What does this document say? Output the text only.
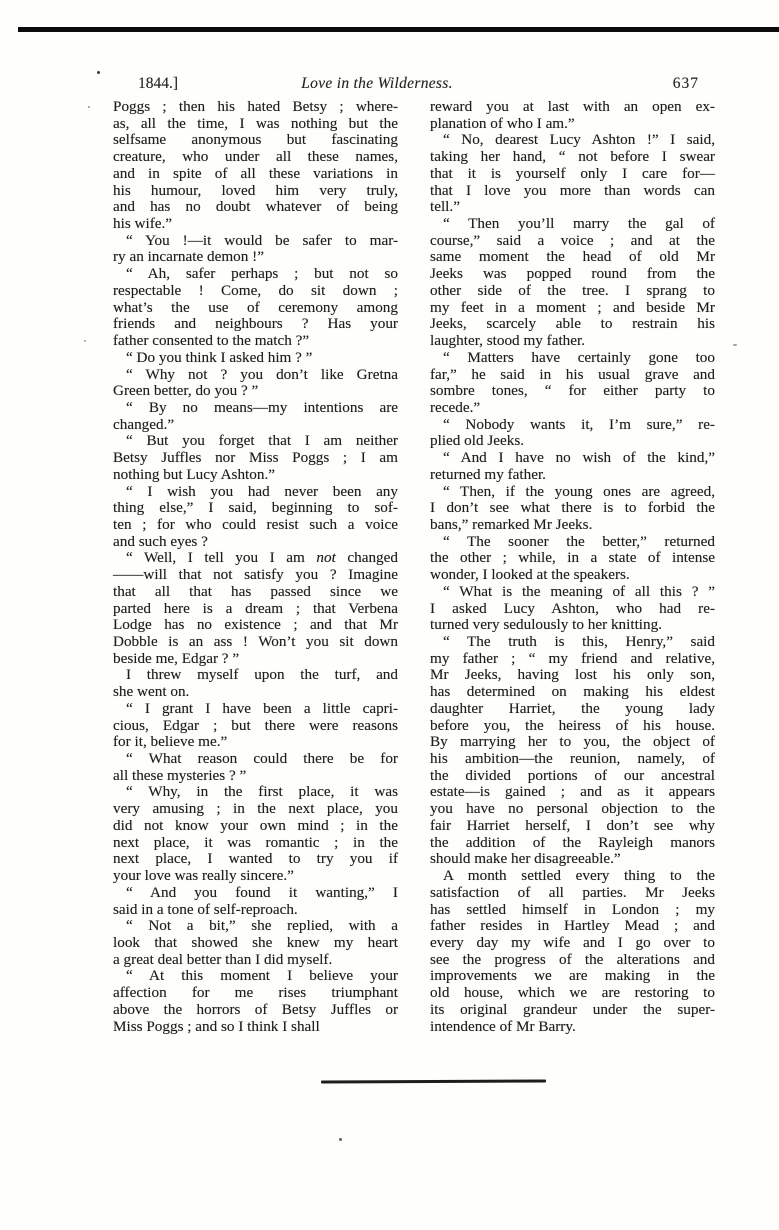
1844.]	Love in the Wilderness.	637
Poggs ; then his hated Betsy ; where-
as, all the time, I was nothing but the
selfsame anonymous but fascinating
creature, who under all these names,
and in spite of all these variations in
his humour, loved him very truly,
and has no doubt whatever of being
his wife.”
“ You !—it would be safer to mar-
ry an incarnate demon !”
“ Ah, safer perhaps ; but not so
respectable ! Come, do sit down ;
what’s the use of ceremony among
friends and neighbours ? Has your
father consented to the match ?”
“ Do you think I asked him ? ”
“ Why not ? you don’t like Gretna
Green better, do you ? ”
“ By no means—my intentions are
changed.”
“ But you forget that I am neither
Betsy Juffles nor Miss Poggs ; I am
nothing but Lucy Ashton.”
“ I wish you had never been any
thing else,” I said, beginning to sof-
ten ; for who could resist such a voice
and such eyes ?
“ Well, I tell you I am not changed
——will that not satisfy you ? Imagine
that all that has passed since we
parted here is a dream ; that Verbena
Lodge has no existence ; and that Mr
Dobble is an ass ! Won’t you sit down
beside me, Edgar ? ”
I threw myself upon the turf, and
she went on.
“ I grant I have been a little capri-
cious, Edgar ; but there were reasons
for it, believe me.”
“ What reason could there be for
all these mysteries ? ”
“ Why, in the first place, it was
very amusing ; in the next place, you
did not know your own mind ; in the
next place, it was romantic ; in the
next place, I wanted to try you if
your love was really sincere.”
“ And you found it wanting,” I
said in a tone of self-reproach.
“ Not a bit,” she replied, with a
look that showed she knew my heart
a great deal better than I did myself.
“ At this moment I believe your
affection for me rises triumphant
above the horrors of Betsy Juffles or
Miss Poggs ; and so I think I shall
reward you at last with an open ex-
planation of who I am.”
“ No, dearest Lucy Ashton !” I said,
taking her hand, “ not before I swear
that it is yourself only I care for—
that I love you more than words can
tell.”
“ Then you’ll marry the gal of
course,” said a voice ; and at the
same moment the head of old Mr
Jeeks was popped round from the
other side of the tree. I sprang to
my feet in a moment ; and beside Mr
Jeeks, scarcely able to restrain his
laughter, stood my father.
“ Matters have certainly gone too
far,” he said in his usual grave and
sombre tones, “ for either party to
recede.”
“ Nobody wants it, I’m sure,” re-
plied old Jeeks.
“ And I have no wish of the kind,”
returned my father.
“ Then, if the young ones are agreed,
I don’t see what there is to forbid the
bans,” remarked Mr Jeeks.
“ The sooner the better,” returned
the other ; while, in a state of intense
wonder, I looked at the speakers.
“ What is the meaning of all this ? ”
I asked Lucy Ashton, who had re-
turned very sedulously to her knitting.
“ The truth is this, Henry,” said
my father ; “ my friend and relative,
Mr Jeeks, having lost his only son,
has determined on making his eldest
daughter Harriet, the young lady
before you, the heiress of his house.
By marrying her to you, the object of
his ambition—the reunion, namely, of
the divided portions of our ancestral
estate—is gained ; and as it appears
you have no personal objection to the
fair Harriet herself, I don’t see why
the addition of the Rayleigh manors
should make her disagreeable.”
A month settled every thing to the
satisfaction of all parties. Mr Jeeks
has settled himself in London ; my
father resides in Hartley Mead ; and
every day my wife and I go over to
see the progress of the alterations and
improvements we are making in the
old house, which we are restoring to
its original grandeur under the super-
intendence of Mr Barry.
